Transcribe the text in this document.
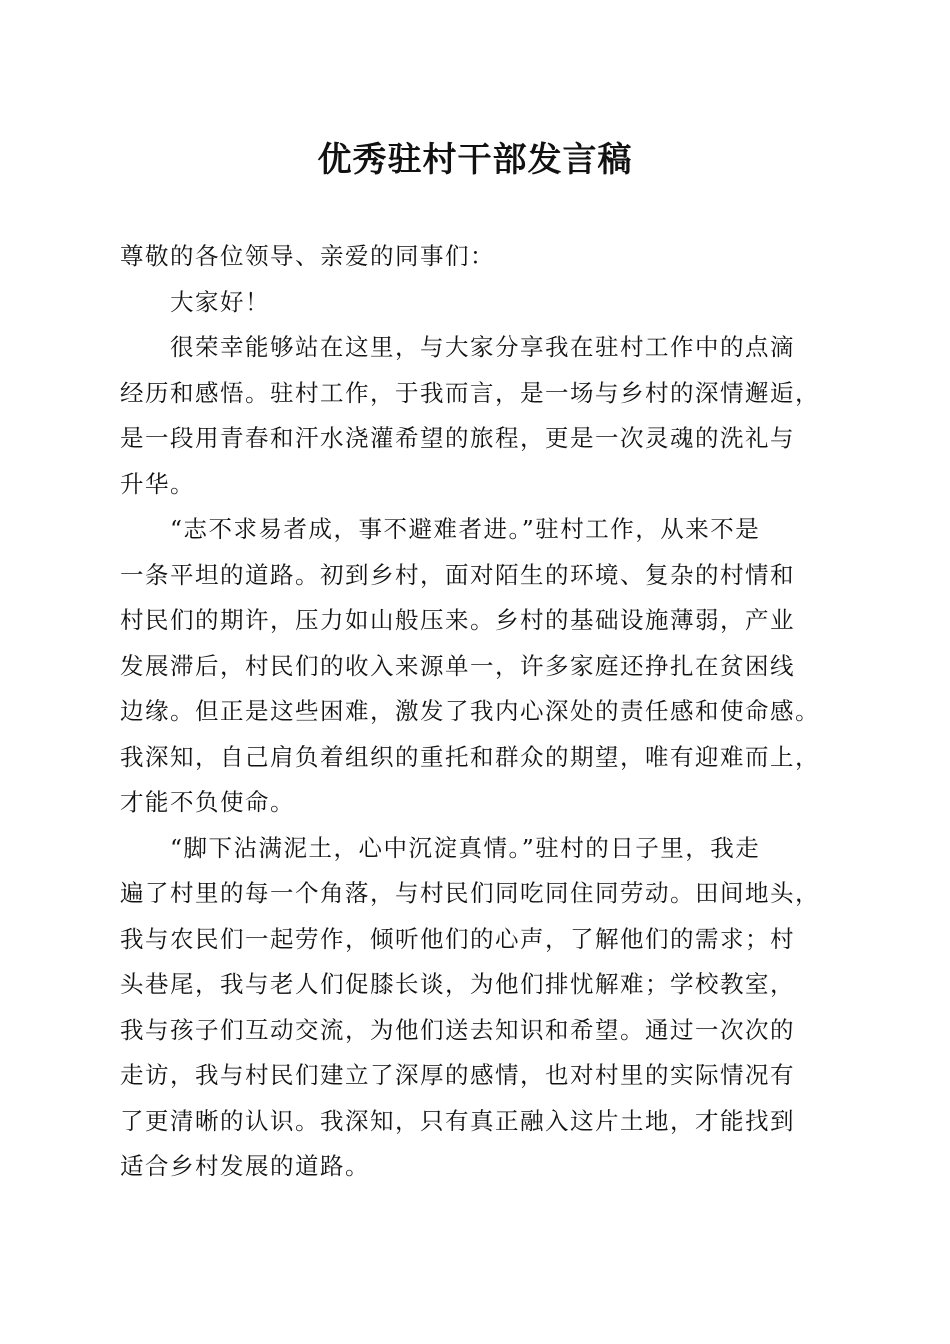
优秀驻村干部发言稿
尊敬的各位领导、亲爱的同事们：
大家好！
很荣幸能够站在这里，与大家分享我在驻村工作中的点滴
经历和感悟。驻村工作，于我而言，是一场与乡村的深情邂逅，
是一段用青春和汗水浇灌希望的旅程，更是一次灵魂的洗礼与
升华。
“志不求易者成，事不避难者进。”驻村工作，从来不是
一条平坦的道路。初到乡村，面对陌生的环境、复杂的村情和
村民们的期许，压力如山般压来。乡村的基础设施薄弱，产业
发展滞后，村民们的收入来源单一，许多家庭还挣扎在贫困线
边缘。但正是这些困难，激发了我内心深处的责任感和使命感。
我深知，自己肩负着组织的重托和群众的期望，唯有迎难而上，
才能不负使命。
“脚下沾满泥土，心中沉淀真情。”驻村的日子里，我走
遍了村里的每一个角落，与村民们同吃同住同劳动。田间地头，
我与农民们一起劳作，倾听他们的心声，了解他们的需求；村
头巷尾，我与老人们促膝长谈，为他们排忧解难；学校教室，
我与孩子们互动交流，为他们送去知识和希望。通过一次次的
走访，我与村民们建立了深厚的感情，也对村里的实际情况有
了更清晰的认识。我深知，只有真正融入这片土地，才能找到
适合乡村发展的道路。
